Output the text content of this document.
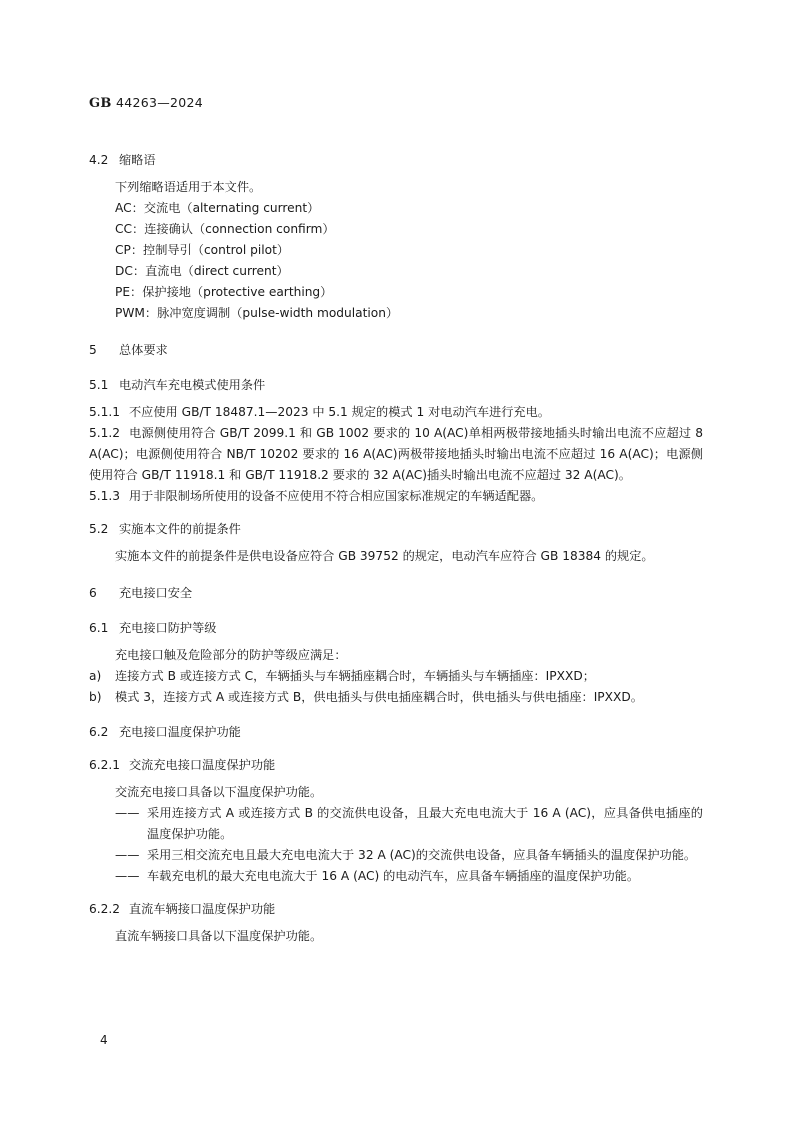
GB 44263—2024
4.2 缩略语
下列缩略语适用于本文件。
AC：交流电（alternating current）
CC：连接确认（connection confirm）
CP：控制导引（control pilot）
DC：直流电（direct current）
PE：保护接地（protective earthing）
PWM：脉冲宽度调制（pulse-width modulation）
5 总体要求
5.1 电动汽车充电模式使用条件
5.1.1 不应使用 GB/T 18487.1—2023 中 5.1 规定的模式 1 对电动汽车进行充电。
5.1.2 电源侧使用符合 GB/T 2099.1 和 GB 1002 要求的 10 A(AC)单相两极带接地插头时输出电流不应超过 8 A(AC)；电源侧使用符合 NB/T 10202 要求的 16 A(AC)两极带接地插头时输出电流不应超过 16 A(AC)；电源侧使用符合 GB/T 11918.1 和 GB/T 11918.2 要求的 32 A(AC)插头时输出电流不应超过 32 A(AC)。
5.1.3 用于非限制场所使用的设备不应使用不符合相应国家标准规定的车辆适配器。
5.2 实施本文件的前提条件
实施本文件的前提条件是供电设备应符合 GB 39752 的规定，电动汽车应符合 GB 18384 的规定。
6 充电接口安全
6.1 充电接口防护等级
充电接口触及危险部分的防护等级应满足：
a) 连接方式 B 或连接方式 C，车辆插头与车辆插座耦合时，车辆插头与车辆插座：IPXXD；
b) 模式 3，连接方式 A 或连接方式 B，供电插头与供电插座耦合时，供电插头与供电插座：IPXXD。
6.2 充电接口温度保护功能
6.2.1 交流充电接口温度保护功能
交流充电接口具备以下温度保护功能。
—— 采用连接方式 A 或连接方式 B 的交流供电设备，且最大充电电流大于 16 A (AC)，应具备供电插座的温度保护功能。
—— 采用三相交流充电且最大充电电流大于 32 A (AC)的交流供电设备，应具备车辆插头的温度保护功能。
—— 车载充电机的最大充电电流大于 16 A (AC) 的电动汽车，应具备车辆插座的温度保护功能。
6.2.2 直流车辆接口温度保护功能
直流车辆接口具备以下温度保护功能。
4
